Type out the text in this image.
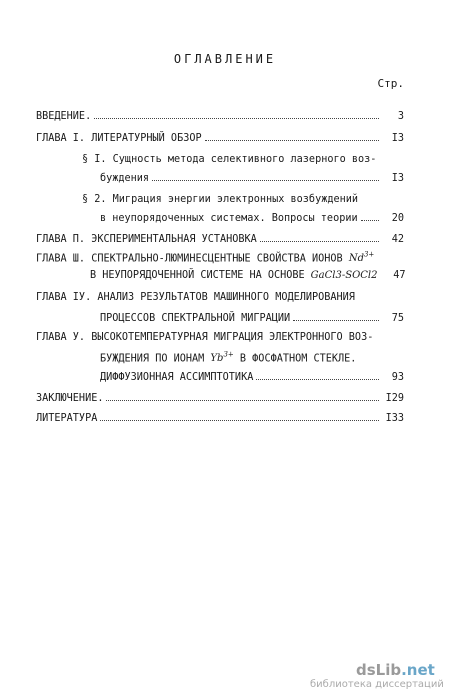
ОГЛАВЛЕНИЕ
Стр.
ВВЕДЕНИЕ.	3
ГЛАВА I. ЛИТЕРАТУРНЫЙ ОБЗОР	I3
§ I. Сущность метода селективного лазерного воз-
буждения	I3
§ 2. Миграция энергии электронных возбуждений
в неупорядоченных системах. Вопросы теории	20
ГЛАВА П. ЭКСПЕРИМЕНТАЛЬНАЯ УСТАНОВКА	42
ГЛАВА Ш. СПЕКТРАЛЬНО-ЛЮМИНЕСЦЕНТНЫЕ СВОЙСТВА ИОНОВ $Nd^{3+}$
В НЕУПОРЯДОЧЕННОЙ СИСТЕМЕ НА ОСНОВЕ GaCl3-SOCl2	47
ГЛАВА IУ. АНАЛИЗ РЕЗУЛЬТАТОВ МАШИННОГО МОДЕЛИРОВАНИЯ
ПРОЦЕССОВ СПЕКТРАЛЬНОЙ МИГРАЦИИ	75
ГЛАВА У. ВЫСОКОТЕМПЕРАТУРНАЯ МИГРАЦИЯ ЭЛЕКТРОННОГО ВОЗ-
БУЖДЕНИЯ ПО ИОНАМ $Yb^{3+}$ В ФОСФАТНОМ СТЕКЛЕ.
ДИФФУЗИОННАЯ АССИМПТОТИКА	93
ЗАКЛЮЧЕНИЕ.	I29
ЛИТЕРАТУРА	I33
dsLib.net
библиотека диссертаций
